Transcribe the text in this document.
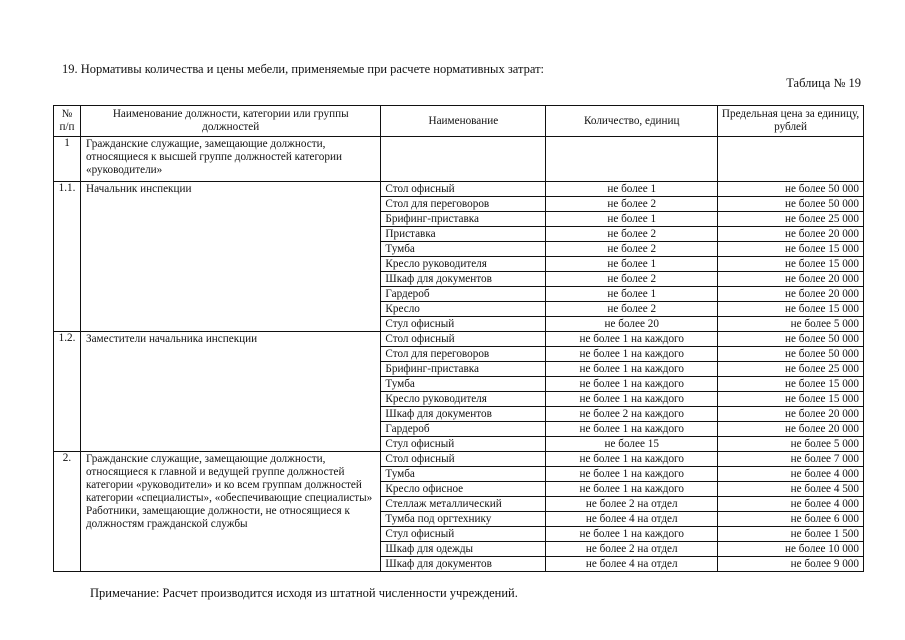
19. Нормативы количества и цены мебели, применяемые при расчете нормативных затрат:
Таблица № 19
№ п/п	Наименование должности, категории или группы должностей	Наименование	Количество, единиц	Предельная цена за единицу, рублей
1	Гражданские служащие, замещающие должности, относящиеся к высшей группе должностей категории «руководители»			
1.1.	Начальник инспекции	Стол офисный	не более 1	не более 50 000
		Стол для переговоров	не более 2	не более 50 000
		Брифинг-приставка	не более 1	не более 25 000
		Приставка	не более 2	не более 20 000
		Тумба	не более 2	не более 15 000
		Кресло руководителя	не более 1	не более 15 000
		Шкаф для документов	не более 2	не более 20 000
		Гардероб	не более 1	не более 20 000
		Кресло	не более 2	не более 15 000
		Стул офисный	не более 20	не более 5 000
1.2.	Заместители начальника инспекции	Стол офисный	не более 1 на каждого	не более 50 000
		Стол для переговоров	не более 1 на каждого	не более 50 000
		Брифинг-приставка	не более 1 на каждого	не более 25 000
		Тумба	не более 1 на каждого	не более 15 000
		Кресло руководителя	не более 1 на каждого	не более 15 000
		Шкаф для документов	не более 2 на каждого	не более 20 000
		Гардероб	не более 1 на каждого	не более 20 000
		Стул офисный	не более 15	не более 5 000
2.	Гражданские служащие, замещающие должности, относящиеся к главной и ведущей группе должностей категории «руководители» и ко всем группам должностей категории «специалисты», «обеспечивающие специалисты» Работники, замещающие должности, не относящиеся к должностям гражданской службы	Стол офисный	не более 1 на каждого	не более 7 000
		Тумба	не более 1 на каждого	не более 4 000
		Кресло офисное	не более 1 на каждого	не более 4 500
		Стеллаж металлический	не более 2 на отдел	не более 4 000
		Тумба под оргтехнику	не более 4 на отдел	не более 6 000
		Стул офисный	не более 1 на каждого	не более 1 500
		Шкаф для одежды	не более 2 на отдел	не более 10 000
		Шкаф для документов	не более 4 на отдел	не более 9 000
Примечание: Расчет производится исходя из штатной численности учреждений.
